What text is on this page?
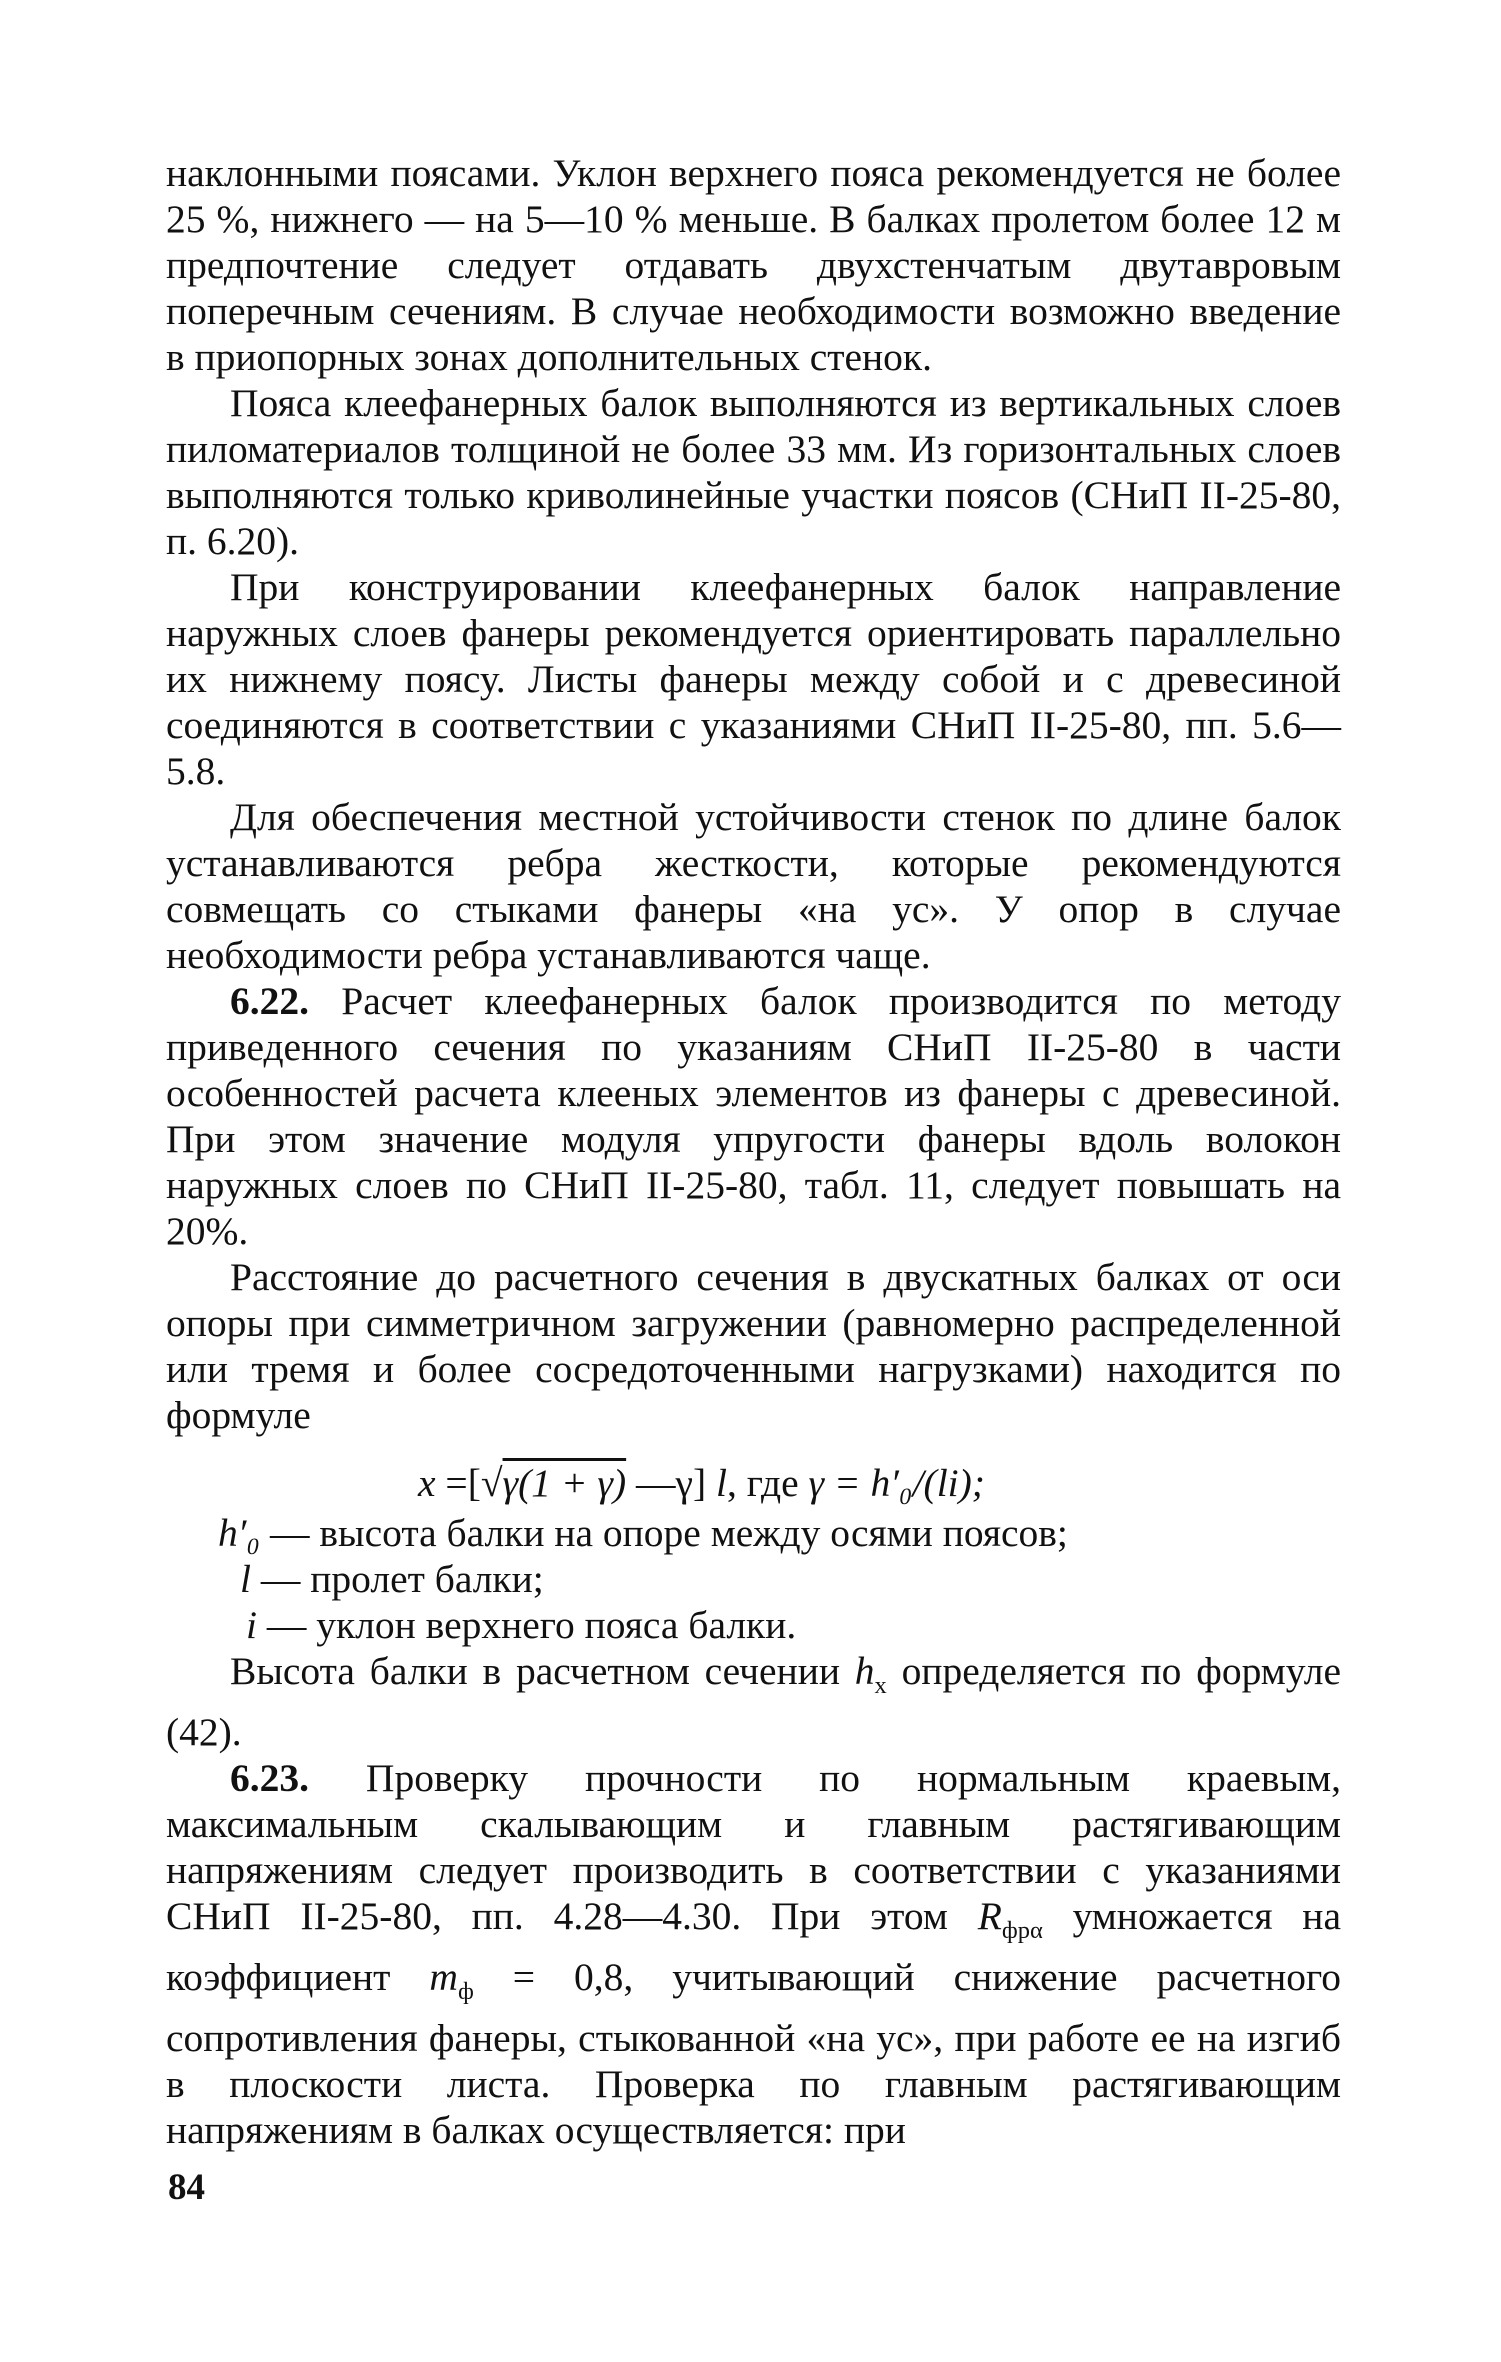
наклонными поясами. Уклон верхнего пояса рекомендуется не более 25 %, нижнего — на 5—10 % меньше. В балках пролетом более 12 м предпочтение следует отдавать двухстенчатым двутавровым поперечным сечениям. В случае необходимости возможно введение в приопорных зонах дополнительных стенок.

Пояса клеефанерных балок выполняются из вертикальных слоев пиломатериалов толщиной не более 33 мм. Из горизонтальных слоев выполняются только криволинейные участки поясов (СНиП II-25-80, п. 6.20).

При конструировании клеефанерных балок направление наружных слоев фанеры рекомендуется ориентировать параллельно их нижнему поясу. Листы фанеры между собой и с древесиной соединяются в соответствии с указаниями СНиП II-25-80, пп. 5.6—5.8.

Для обеспечения местной устойчивости стенок по длине балок устанавливаются ребра жесткости, которые рекомендуются совмещать со стыками фанеры «на ус». У опор в случае необходимости ребра устанавливаются чаще.

6.22. Расчет клеефанерных балок производится по методу приведенного сечения по указаниям СНиП II-25-80 в части особенностей расчета клееных элементов из фанеры с древесиной. При этом значение модуля упругости фанеры вдоль волокон наружных слоев по СНиП II-25-80, табл. 11, следует повышать на 20%.

Расстояние до расчетного сечения в двускатных балках от оси опоры при симметричном загружении (равномерно распределенной или тремя и более сосредоточенными нагрузками) находится по формуле

x =[√γ(1 + γ) —γ] l, где γ = h′₀/(li);
h′₀ — высота балки на опоре между осями поясов;
l — пролет балки;
i — уклон верхнего пояса балки.

Высота балки в расчетном сечении $h_x$ определяется по формуле (42).

6.23. Проверку прочности по нормальным краевым, максимальным скалывающим и главным растягивающим напряжениям следует производить в соответствии с указаниями СНиП II-25-80, пп. 4.28—4.30. При этом $R_{фр\alpha}$ умножается на коэффициент $m_ф = 0,8$, учитывающий снижение расчетного сопротивления фанеры, стыкованной «на ус», при работе ее на изгиб в плоскости листа. Проверка по главным растягивающим напряжениям в балках осуществляется: при

84
